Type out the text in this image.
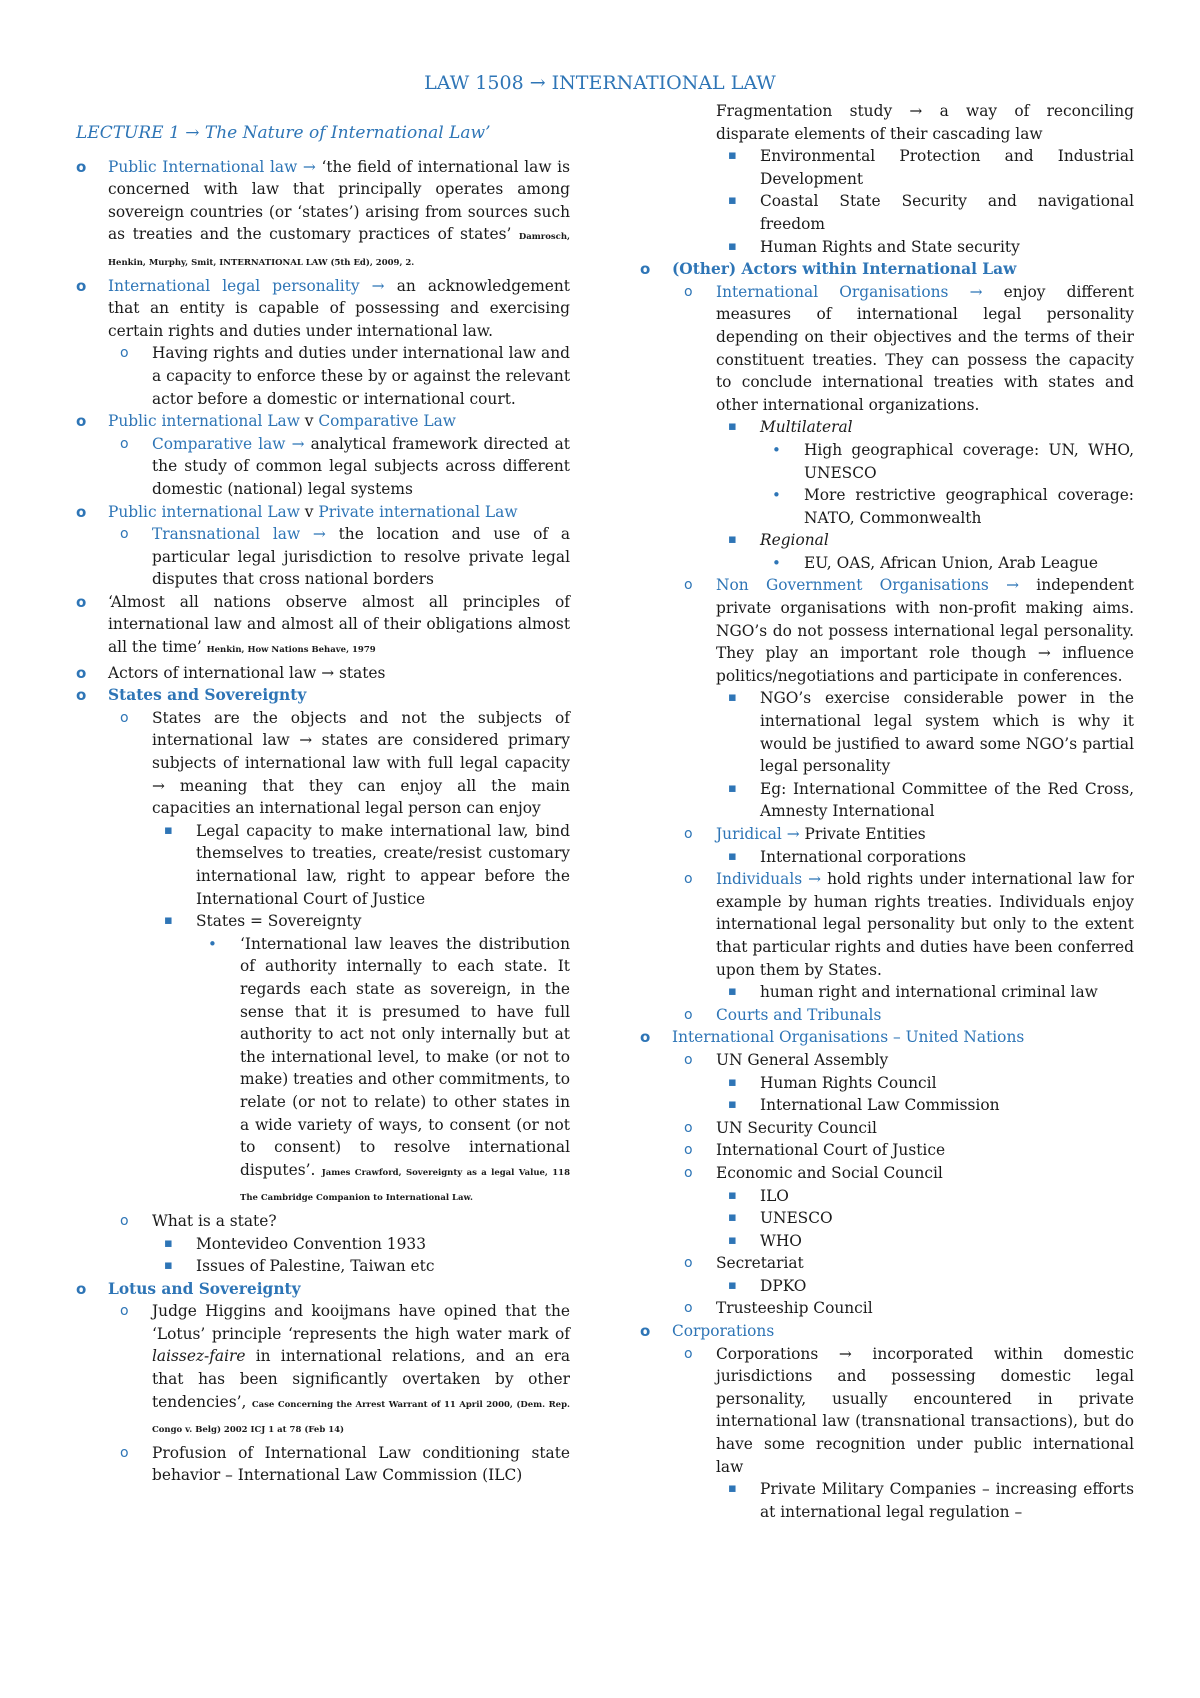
LAW 1508 → INTERNATIONAL LAW
LECTURE 1 → The Nature of International Law’
o Public International law → ‘the field of international law is concerned with law that principally operates among sovereign countries (or ‘states’) arising from sources such as treaties and the customary practices of states’ Damrosch, Henkin, Murphy, Smit, INTERNATIONAL LAW (5th Ed), 2009, 2.
o International legal personality → an acknowledgement that an entity is capable of possessing and exercising certain rights and duties under international law.
o Having rights and duties under international law and a capacity to enforce these by or against the relevant actor before a domestic or international court.
o Public international Law v Comparative Law
o Comparative law → analytical framework directed at the study of common legal subjects across different domestic (national) legal systems
o Public international Law v Private international Law
o Transnational law → the location and use of a particular legal jurisdiction to resolve private legal disputes that cross national borders
o ‘Almost all nations observe almost all principles of international law and almost all of their obligations almost all the time’ Henkin, How Nations Behave, 1979
o Actors of international law → states
o States and Sovereignty
o States are the objects and not the subjects of international law → states are considered primary subjects of international law with full legal capacity → meaning that they can enjoy all the main capacities an international legal person can enjoy
▪ Legal capacity to make international law, bind themselves to treaties, create/resist customary international law, right to appear before the International Court of Justice
▪ States = Sovereignty
• ‘International law leaves the distribution of authority internally to each state. It regards each state as sovereign, in the sense that it is presumed to have full authority to act not only internally but at the international level, to make (or not to make) treaties and other commitments, to relate (or not to relate) to other states in a wide variety of ways, to consent (or not to consent) to resolve international disputes’. James Crawford, Sovereignty as a legal Value, 118 The Cambridge Companion to International Law.
o What is a state?
▪ Montevideo Convention 1933
▪ Issues of Palestine, Taiwan etc
o Lotus and Sovereignty
o Judge Higgins and kooijmans have opined that the ‘Lotus’ principle ‘represents the high water mark of laissez-faire in international relations, and an era that has been significantly overtaken by other tendencies’, Case Concerning the Arrest Warrant of 11 April 2000, (Dem. Rep. Congo v. Belg) 2002 ICJ 1 at 78 (Feb 14)
o Profusion of International Law conditioning state behavior – International Law Commission (ILC)
Fragmentation study → a way of reconciling disparate elements of their cascading law
▪ Environmental Protection and Industrial Development
▪ Coastal State Security and navigational freedom
▪ Human Rights and State security
o (Other) Actors within International Law
o International Organisations → enjoy different measures of international legal personality depending on their objectives and the terms of their constituent treaties. They can possess the capacity to conclude international treaties with states and other international organizations.
▪ Multilateral
• High geographical coverage: UN, WHO, UNESCO
• More restrictive geographical coverage: NATO, Commonwealth
▪ Regional
• EU, OAS, African Union, Arab League
o Non Government Organisations → independent private organisations with non-profit making aims. NGO’s do not possess international legal personality. They play an important role though → influence politics/negotiations and participate in conferences.
▪ NGO’s exercise considerable power in the international legal system which is why it would be justified to award some NGO’s partial legal personality
▪ Eg: International Committee of the Red Cross, Amnesty International
o Juridical → Private Entities
▪ International corporations
o Individuals → hold rights under international law for example by human rights treaties. Individuals enjoy international legal personality but only to the extent that particular rights and duties have been conferred upon them by States.
▪ human right and international criminal law
o Courts and Tribunals
o International Organisations – United Nations
o UN General Assembly
▪ Human Rights Council
▪ International Law Commission
o UN Security Council
o International Court of Justice
o Economic and Social Council
▪ ILO
▪ UNESCO
▪ WHO
o Secretariat
▪ DPKO
o Trusteeship Council
o Corporations
o Corporations → incorporated within domestic jurisdictions and possessing domestic legal personality, usually encountered in private international law (transnational transactions), but do have some recognition under public international law
▪ Private Military Companies – increasing efforts at international legal regulation –
